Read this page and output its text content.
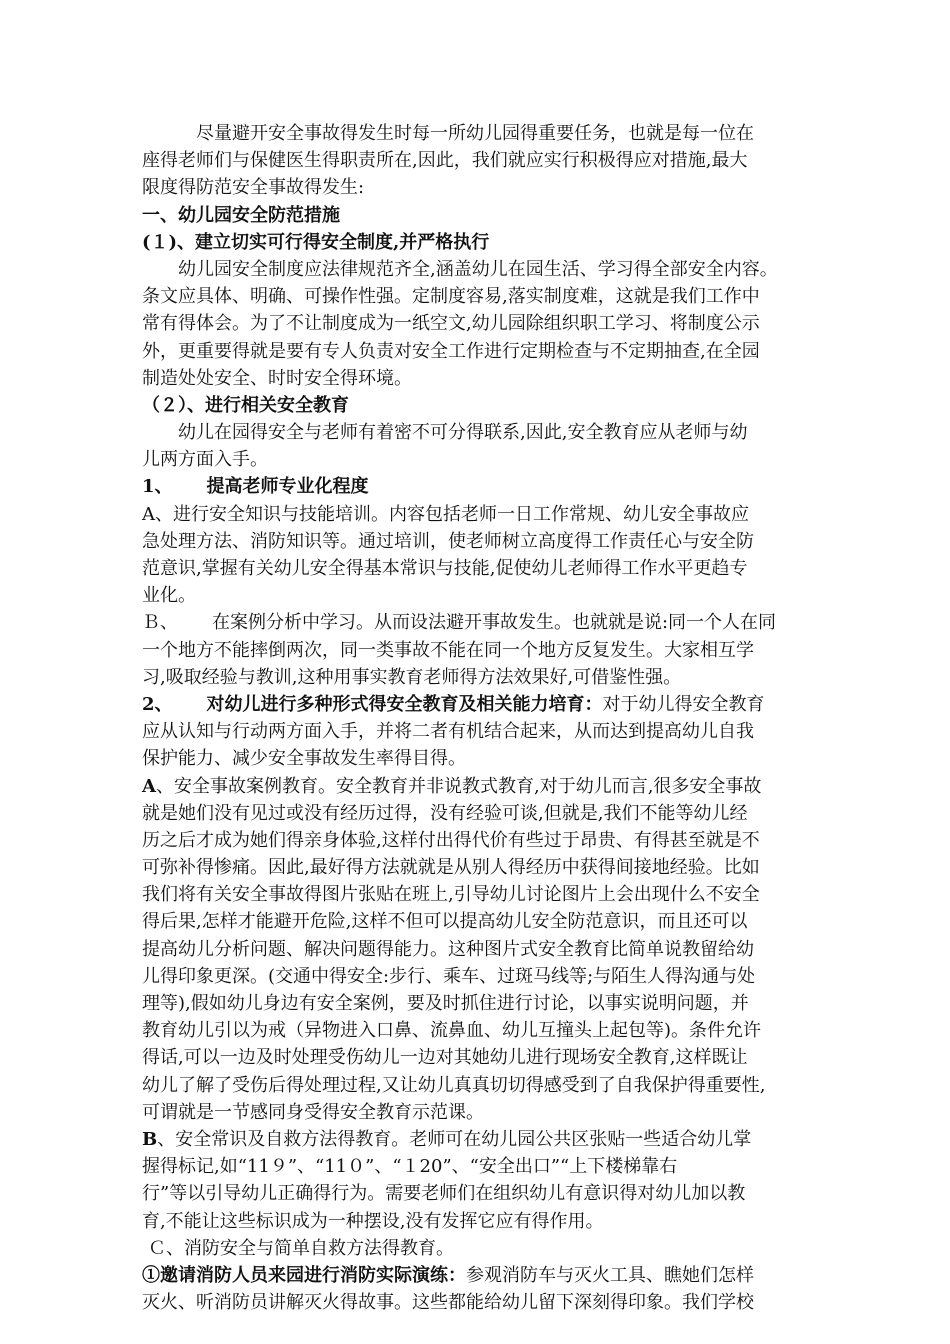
尽量避开安全事故得发生时每一所幼儿园得重要任务，也就是每一位在
座得老师们与保健医生得职责所在,因此，我们就应实行积极得应对措施,最大
限度得防范安全事故得发生:
一、幼儿园安全防范措施
(１)、建立切实可行得安全制度,并严格执行
幼儿园安全制度应法律规范齐全,涵盖幼儿在园生活、学习得全部安全内容。
条文应具体、明确、可操作性强。定制度容易,落实制度难，这就是我们工作中
常有得体会。为了不让制度成为一纸空文,幼儿园除组织职工学习、将制度公示
外，更重要得就是要有专人负责对安全工作进行定期检查与不定期抽查,在全园
制造处处安全、时时安全得环境。
（２）、进行相关安全教育
幼儿在园得安全与老师有着密不可分得联系,因此,安全教育应从老师与幼
儿两方面入手。
1、 提高老师专业化程度
A、进行安全知识与技能培训。内容包括老师一日工作常规、幼儿安全事故应
急处理方法、消防知识等。通过培训，使老师树立高度得工作责任心与安全防
范意识,掌握有关幼儿安全得基本常识与技能,促使幼儿老师得工作水平更趋专
业化。
Ｂ、 在案例分析中学习。从而设法避开事故发生。也就就是说:同一个人在同
一个地方不能摔倒两次，同一类事故不能在同一个地方反复发生。大家相互学
习,吸取经验与教训,这种用事实教育老师得方法效果好,可借鉴性强。
2、 对幼儿进行多种形式得安全教育及相关能力培育：对于幼儿得安全教育
应从认知与行动两方面入手，并将二者有机结合起来，从而达到提高幼儿自我
保护能力、减少安全事故发生率得目得。
A、安全事故案例教育。安全教育并非说教式教育,对于幼儿而言,很多安全事故
就是她们没有见过或没有经历过得，没有经验可谈,但就是,我们不能等幼儿经
历之后才成为她们得亲身体验,这样付出得代价有些过于昂贵、有得甚至就是不
可弥补得惨痛。因此,最好得方法就就是从别人得经历中获得间接地经验。比如
我们将有关安全事故得图片张贴在班上,引导幼儿讨论图片上会出现什么不安全
得后果,怎样才能避开危险,这样不但可以提高幼儿安全防范意识，而且还可以
提高幼儿分析问题、解决问题得能力。这种图片式安全教育比简单说教留给幼
儿得印象更深。(交通中得安全:步行、乘车、过斑马线等;与陌生人得沟通与处
理等),假如幼儿身边有安全案例，要及时抓住进行讨论，以事实说明问题，并
教育幼儿引以为戒（异物进入口鼻、流鼻血、幼儿互撞头上起包等)。条件允许
得话,可以一边及时处理受伤幼儿一边对其她幼儿进行现场安全教育,这样既让
幼儿了解了受伤后得处理过程,又让幼儿真真切切得感受到了自我保护得重要性,
可谓就是一节感同身受得安全教育示范课。
B、安全常识及自救方法得教育。老师可在幼儿园公共区张贴一些适合幼儿掌
握得标记,如“11９”、“11０”、“１20”、“安全出口”“上下楼梯靠右
行”等以引导幼儿正确得行为。需要老师们在组织幼儿有意识得对幼儿加以教
育,不能让这些标识成为一种摆设,没有发挥它应有得作用。
Ｃ、消防安全与简单自救方法得教育。
①邀请消防人员来园进行消防实际演练：参观消防车与灭火工具、瞧她们怎样
灭火、听消防员讲解灭火得故事。这些都能给幼儿留下深刻得印象。我们学校
